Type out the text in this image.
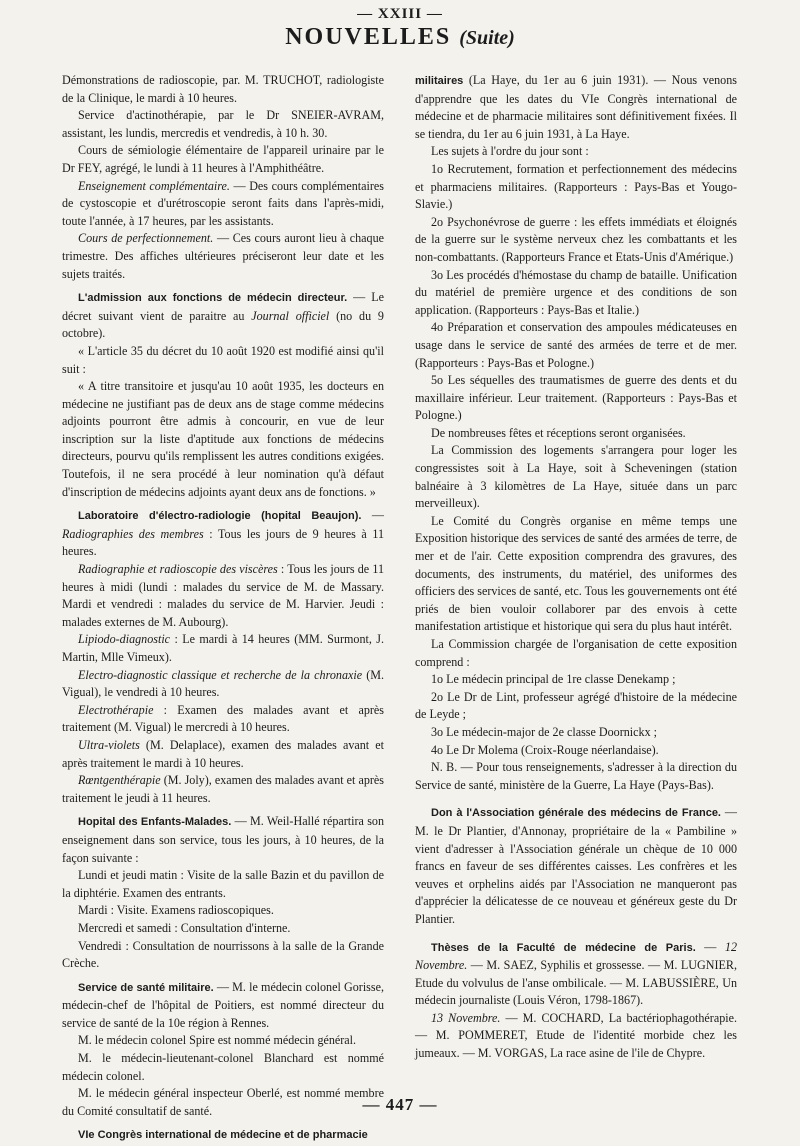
— XXIII —
NOUVELLES (Suite)

Démonstrations de radioscopie, par. M. TRUCHOT, radiologiste de la Clinique, le mardi à 10 heures.

Service d'actinothérapie, par le Dr SNEIER-AVRAM, assistant, les lundis, mercredis et vendredis, à 10 h. 30.

Cours de sémiologie élémentaire de l'appareil urinaire par le Dr FEY, agrégé, le lundi à 11 heures à l'Amphithéâtre.

Enseignement complémentaire. — Des cours complémentaires de cystoscopie et d'urétroscopie seront faits dans l'après-midi, toute l'année, à 17 heures, par les assistants.

Cours de perfectionnement. — Ces cours auront lieu à chaque trimestre. Des affiches ultérieures préciseront leur date et les sujets traités.

L'admission aux fonctions de médecin directeur. — Le décret suivant vient de paraitre au Journal officiel (no du 9 octobre).

« L'article 35 du décret du 10 août 1920 est modifié ainsi qu'il suit :

« A titre transitoire et jusqu'au 10 août 1935, les docteurs en médecine ne justifiant pas de deux ans de stage comme médecins adjoints pourront être admis à concourir, en vue de leur inscription sur la liste d'aptitude aux fonctions de médecins directeurs, pourvu qu'ils remplissent les autres conditions exigées. Toutefois, il ne sera procédé à leur nomination qu'à défaut d'inscription de médecins adjoints ayant deux ans de fonctions. »

Laboratoire d'électro-radiologie (hopital Beaujon). — Radiographies des membres : Tous les jours de 9 heures à 11 heures.

Radiographie et radioscopie des viscères : Tous les jours de 11 heures à midi (lundi : malades du service de M. de Massary. Mardi et vendredi : malades du service de M. Harvier. Jeudi : malades externes de M. Aubourg).

Lipiodo-diagnostic : Le mardi à 14 heures (MM. Surmont, J. Martin, Mlle Vimeux).

Electro-diagnostic classique et recherche de la chronaxie (M. Vigual), le vendredi à 10 heures.

Electrothérapie : Examen des malades avant et après traitement (M. Vigual) le mercredi à 10 heures.

Ultra-violets (M. Delaplace), examen des malades avant et après traitement le mardi à 10 heures.

Rœntgenthérapie (M. Joly), examen des malades avant et après traitement le jeudi à 11 heures.

Hopital des Enfants-Malades. — M. Weil-Hallé répartira son enseignement dans son service, tous les jours, à 10 heures, de la façon suivante :

Lundi et jeudi matin : Visite de la salle Bazin et du pavillon de la diphtérie. Examen des entrants.

Mardi : Visite. Examens radioscopiques.

Mercredi et samedi : Consultation d'interne.

Vendredi : Consultation de nourrissons à la salle de la Grande Crèche.

Service de santé militaire. — M. le médecin colonel Gorisse, médecin-chef de l'hôpital de Poitiers, est nommé directeur du service de santé de la 10e région à Rennes.

M. le médecin colonel Spire est nommé médecin général.

M. le médecin-lieutenant-colonel Blanchard est nommé médecin colonel.

M. le médecin général inspecteur Oberlé, est nommé membre du Comité consultatif de santé.

VIe Congrès international de médecine et de pharmacie

militaires (La Haye, du 1er au 6 juin 1931). — Nous venons d'apprendre que les dates du VIe Congrès international de médecine et de pharmacie militaires sont définitivement fixées. Il se tiendra, du 1er au 6 juin 1931, à La Haye.

Les sujets à l'ordre du jour sont :

1o Recrutement, formation et perfectionnement des médecins et pharmaciens militaires. (Rapporteurs : Pays-Bas et Yougo-Slavie.)

2o Psychonévrose de guerre : les effets immédiats et éloignés de la guerre sur le système nerveux chez les combattants et les non-combattants. (Rapporteurs France et Etats-Unis d'Amérique.)

3o Les procédés d'hémostase du champ de bataille. Unification du matériel de première urgence et des conditions de son application. (Rapporteurs : Pays-Bas et Italie.)

4o Préparation et conservation des ampoules médicateuses en usage dans le service de santé des armées de terre et de mer. (Rapporteurs : Pays-Bas et Pologne.)

5o Les séquelles des traumatismes de guerre des dents et du maxillaire inférieur. Leur traitement. (Rapporteurs : Pays-Bas et Pologne.)

De nombreuses fêtes et réceptions seront organisées.

La Commission des logements s'arrangera pour loger les congressistes soit à La Haye, soit à Scheveningen (station balnéaire à 3 kilomètres de La Haye, située dans un parc merveilleux).

Le Comité du Congrès organise en même temps une Exposition historique des services de santé des armées de terre, de mer et de l'air. Cette exposition comprendra des gravures, des documents, des instruments, du matériel, des uniformes des officiers des services de santé, etc. Tous les gouvernements ont été priés de bien vouloir collaborer par des envois à cette manifestation artistique et historique qui sera du plus haut intérêt.

La Commission chargée de l'organisation de cette exposition comprend :

1o Le médecin principal de 1re classe Denekamp ;

2o Le Dr de Lint, professeur agrégé d'histoire de la médecine de Leyde ;

3o Le médecin-major de 2e classe Doornickx ;

4o Le Dr Molema (Croix-Rouge néerlandaise).

N. B. — Pour tous renseignements, s'adresser à la direction du Service de santé, ministère de la Guerre, La Haye (Pays-Bas).

Don à l'Association générale des médecins de France. — M. le Dr Plantier, d'Annonay, propriétaire de la « Pambiline » vient d'adresser à l'Association générale un chèque de 10 000 francs en faveur de ses différentes caisses. Les confrères et les veuves et orphelins aidés par l'Association ne manqueront pas d'apprécier la délicatesse de ce nouveau et généreux geste du Dr Plantier.

Thèses de la Faculté de médecine de Paris. — 12 Novembre. — M. SAEZ, Syphilis et grossesse. — M. LUGNIER, Etude du volvulus de l'anse ombilicale. — M. LABUSSIÈRE, Un médecin journaliste (Louis Véron, 1798-1867).

13 Novembre. — M. COCHARD, La bactériophagothérapie. — M. POMMERET, Etude de l'identité morbide chez les jumeaux. — M. VORGAS, La race asine de l'ile de Chypre.

— 447 —
